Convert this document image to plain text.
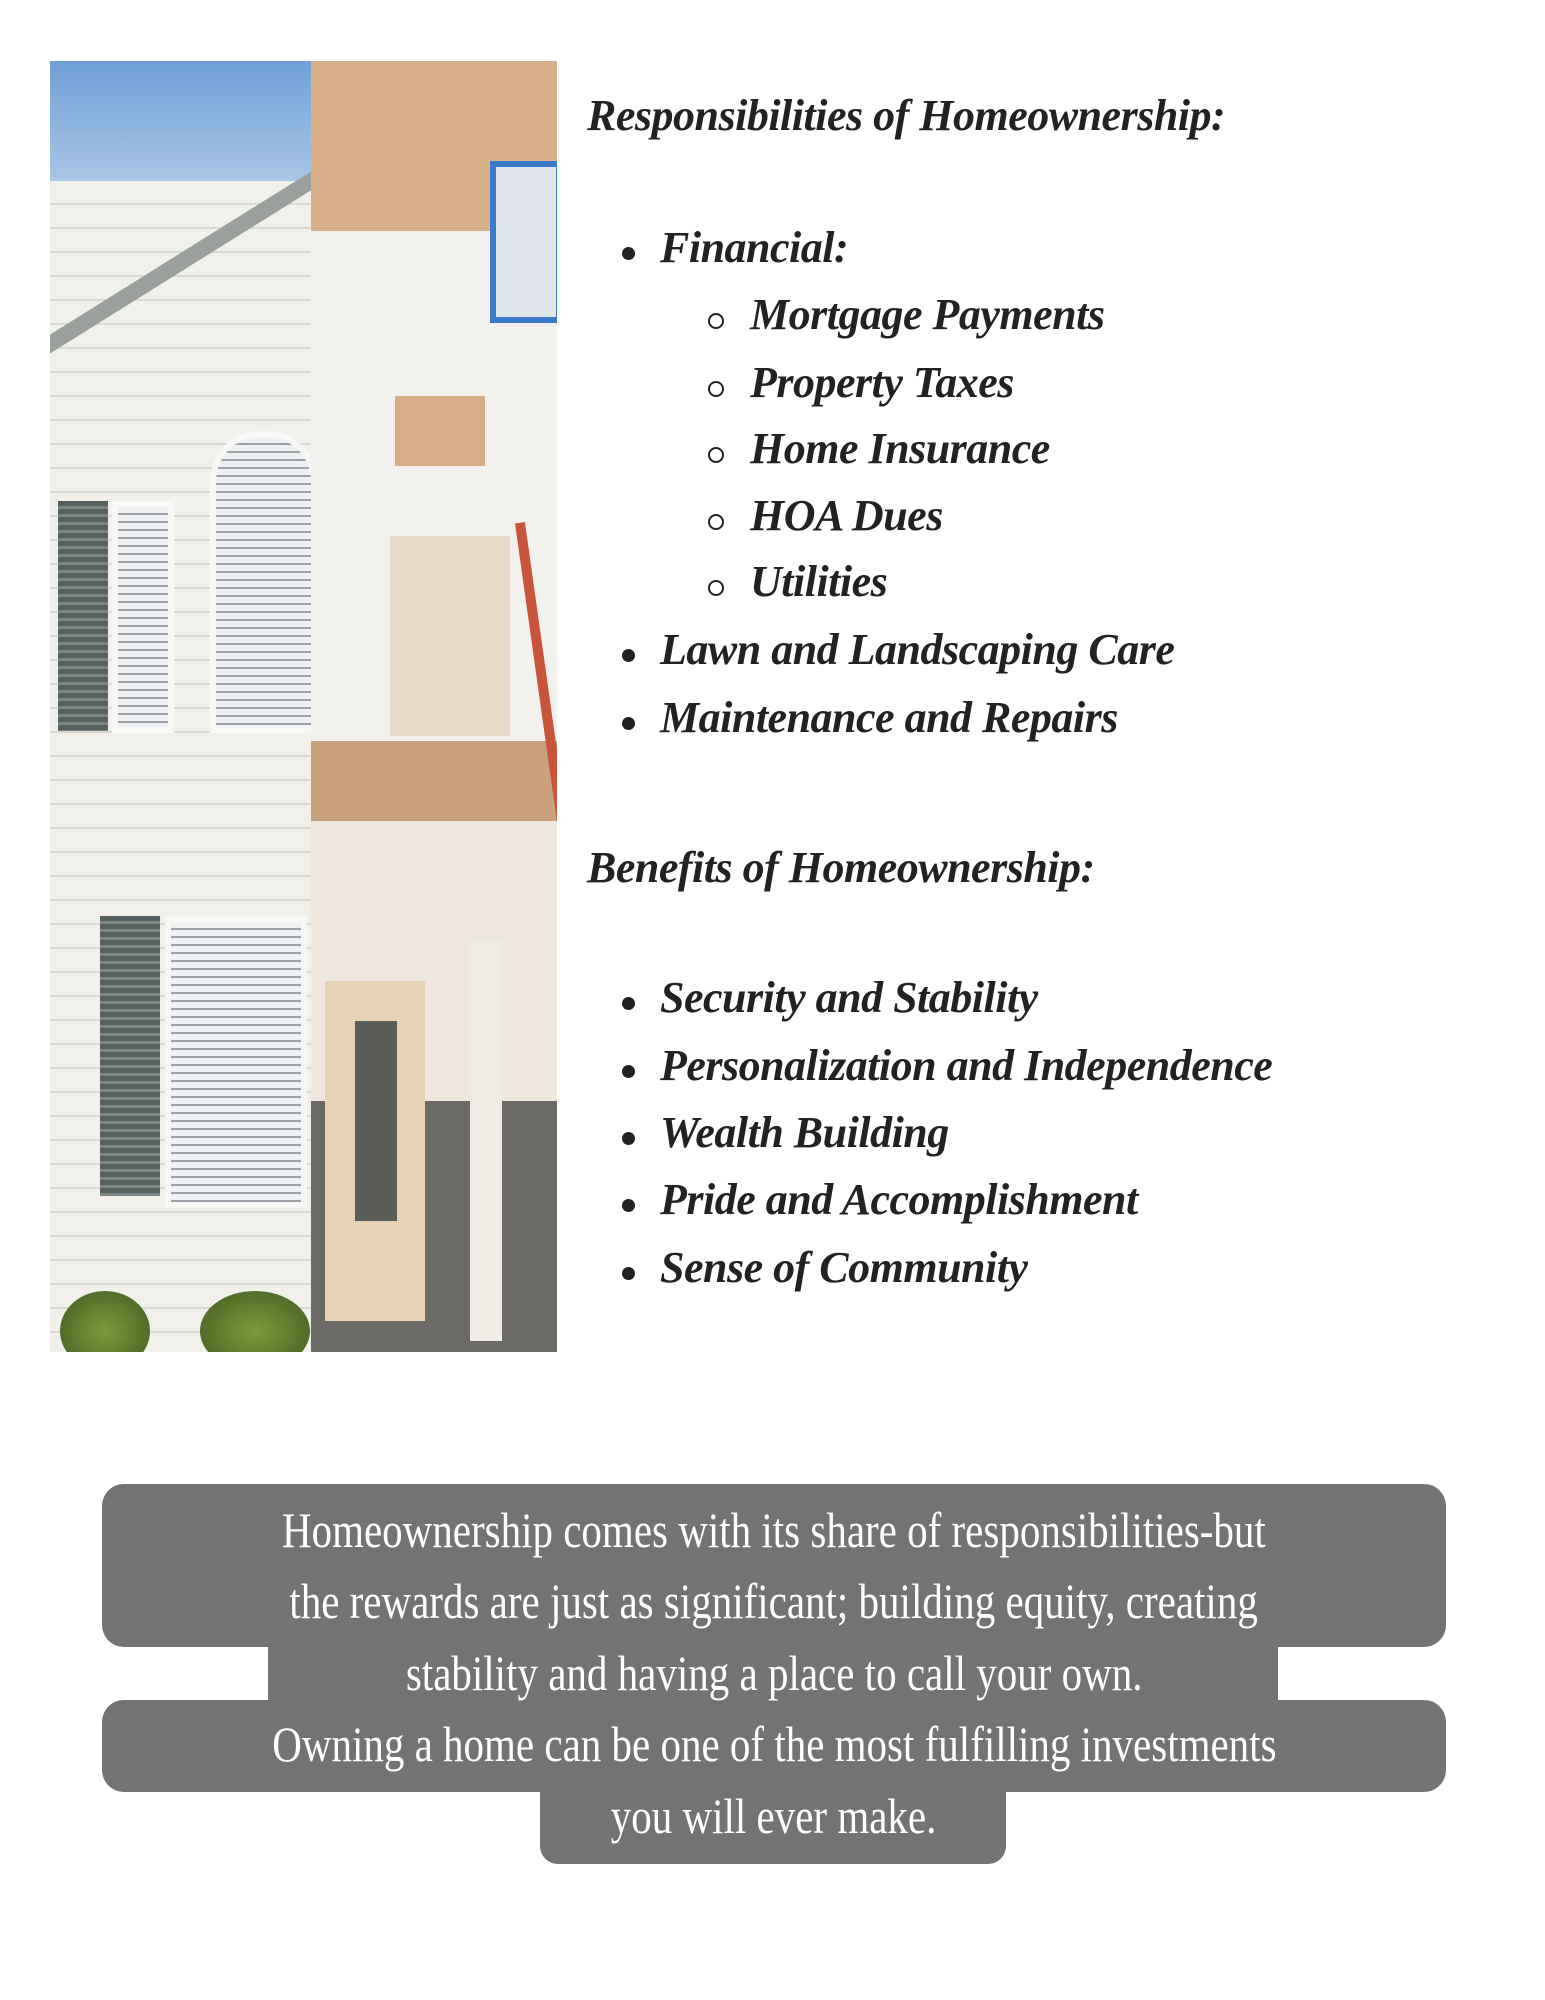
Responsibilities of Homeownership:
Financial:
Mortgage Payments
Property Taxes
Home Insurance
HOA Dues
Utilities
Lawn and Landscaping Care
Maintenance and Repairs
Benefits of Homeownership:
Security and Stability
Personalization and Independence
Wealth Building
Pride and Accomplishment
Sense of Community
Homeownership comes with its share of responsibilities-but
the rewards are just as significant; building equity, creating
stability and having a place to call your own.
Owning a home can be one of the most fulfilling investments
you will ever make.
